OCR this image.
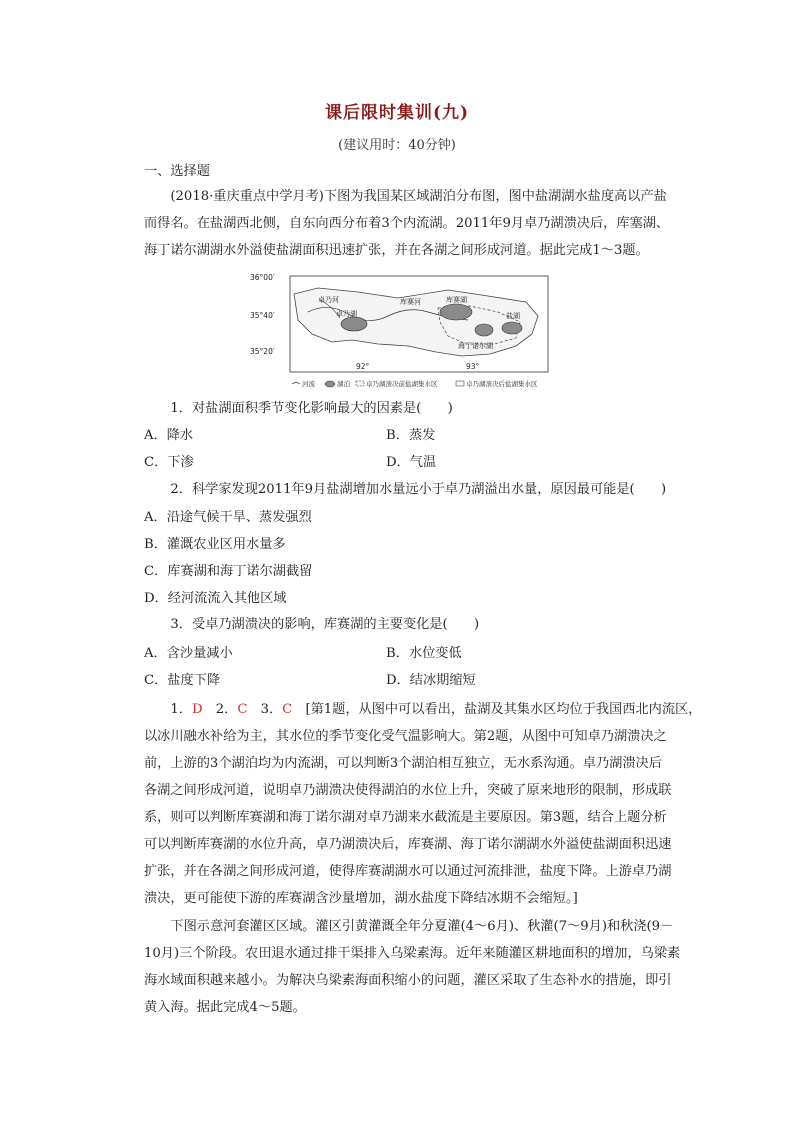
课后限时集训(九)
(建议用时：40分钟)
一、选择题
(2018·重庆重点中学月考)下图为我国某区域湖泊分布图，图中盐湖湖水盐度高以产盐
而得名。在盐湖西北侧，自东向西分布着3个内流湖。2011年9月卓乃湖溃决后，库塞湖、
海丁诺尔湖湖水外溢使盐湖面积迅速扩张，并在各湖之间形成河道。据此完成1～3题。
36°00′
35°40′
35°20′
92°	93°
卓乃河
卓乃湖
库赛河	库赛湖
海丁诺尔湖
盐湖
河流	湖泊 卓乃湖溃决前盐湖集水区	卓乃湖溃决后盐湖集水区
1．对盐湖面积季节变化影响最大的因素是(　　)
A．降水	B．蒸发
C．下渗	D．气温
2．科学家发现2011年9月盐湖增加水量远小于卓乃湖溢出水量，原因最可能是(　　)
A．沿途气候干旱、蒸发强烈
B．灌溉农业区用水量多
C．库赛湖和海丁诺尔湖截留
D．经河流流入其他区域
3．受卓乃湖溃决的影响，库赛湖的主要变化是(　　)
A．含沙量减小	B．水位变低
C．盐度下降	D．结冰期缩短
1．D　 2．C　 3．C　 [第1题，从图中可以看出，盐湖及其集水区均位于我国西北内流区，
以冰川融水补给为主，其水位的季节变化受气温影响大。第2题，从图中可知卓乃湖溃决之
前，上游的3个湖泊均为内流湖，可以判断3个湖泊相互独立，无水系沟通。卓乃湖溃决后
各湖之间形成河道，说明卓乃湖溃决使得湖泊的水位上升，突破了原来地形的限制，形成联
系，则可以判断库赛湖和海丁诺尔湖对卓乃湖来水截流是主要原因。第3题，结合上题分析
可以判断库赛湖的水位升高，卓乃湖溃决后，库赛湖、海丁诺尔湖湖水外溢使盐湖面积迅速
扩张，并在各湖之间形成河道，使得库赛湖湖水可以通过河流排泄，盐度下降。上游卓乃湖
溃决，更可能使下游的库赛湖含沙量增加，湖水盐度下降结冰期不会缩短。]
下图示意河套灌区区域。灌区引黄灌溉全年分夏灌(4～6月)、秋灌(7～9月)和秋浇(9－
10月)三个阶段。农田退水通过排干渠排入乌梁素海。近年来随灌区耕地面积的增加，乌梁素
海水域面积越来越小。为解决乌梁素海面积缩小的问题，灌区采取了生态补水的措施，即引
黄入海。据此完成4～5题。
